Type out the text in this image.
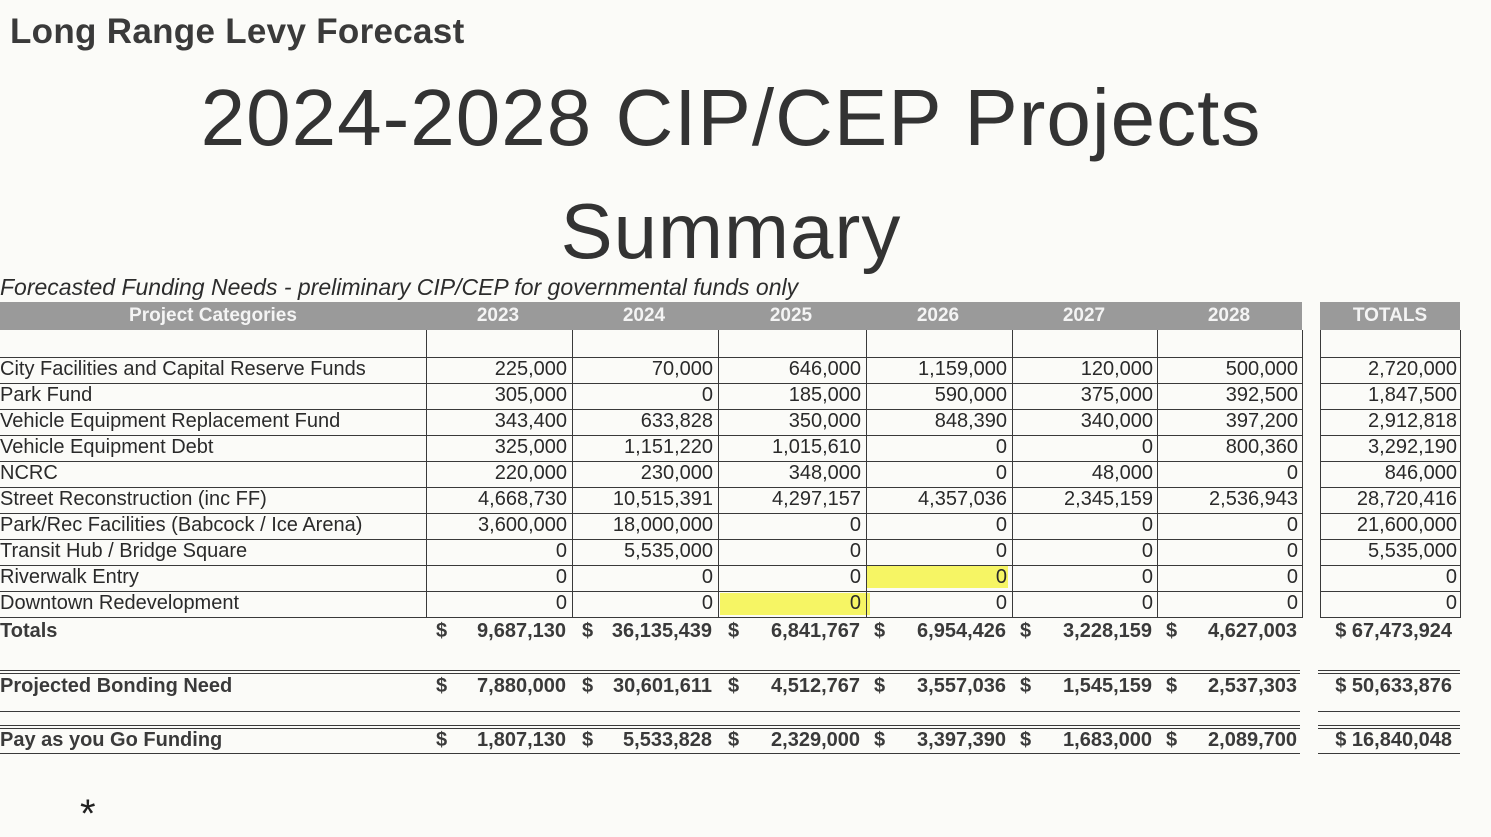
Long Range Levy Forecast
2024-2028 CIP/CEP Projects
Summary
Forecasted Funding Needs - preliminary CIP/CEP for governmental funds only
Project Categories	2023	2024	2025	2026	2027	2028	TOTALS
City Facilities and Capital Reserve Funds	225,000	70,000	646,000	1,159,000	120,000	500,000	2,720,000
Park Fund	305,000	0	185,000	590,000	375,000	392,500	1,847,500
Vehicle Equipment Replacement Fund	343,400	633,828	350,000	848,390	340,000	397,200	2,912,818
Vehicle Equipment Debt	325,000	1,151,220	1,015,610	0	0	800,360	3,292,190
NCRC	220,000	230,000	348,000	0	48,000	0	846,000
Street Reconstruction (inc FF)	4,668,730	10,515,391	4,297,157	4,357,036	2,345,159	2,536,943	28,720,416
Park/Rec Facilities (Babcock / Ice Arena)	3,600,000	18,000,000	0	0	0	0	21,600,000
Transit Hub / Bridge Square	0	5,535,000	0	0	0	0	5,535,000
Riverwalk Entry	0	0	0	0	0	0	0
Downtown Redevelopment	0	0	0	0	0	0	0
Totals	$	9,687,130 $ 36,135,439 $	6,841,767 $	6,954,426 $	3,228,159 $	4,627,003	$ 67,473,924
Projected Bonding Need	$	7,880,000 $ 30,601,611 $	4,512,767 $	3,557,036 $	1,545,159 $	2,537,303	$ 50,633,876
Pay as you Go Funding	$	1,807,130 $	5,533,828 $	2,329,000 $	3,397,390 $	1,683,000 $	2,089,700	$ 16,840,048
*
